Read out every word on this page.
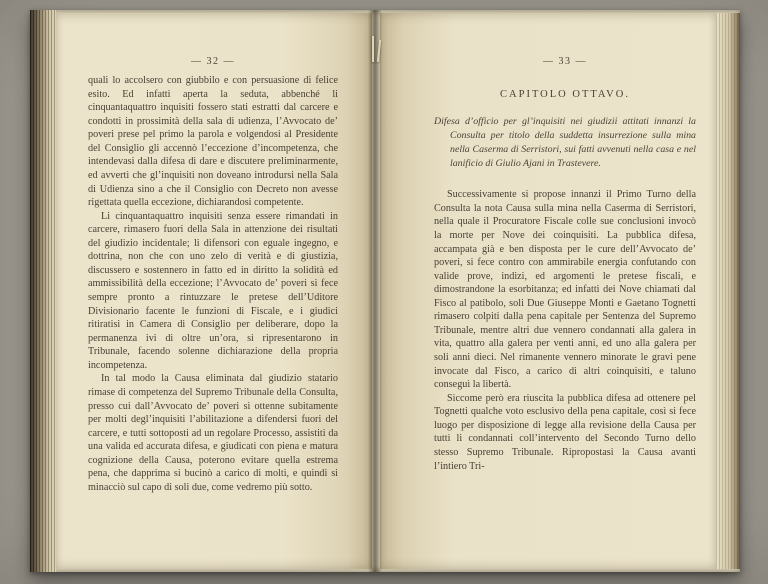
— 32 —

quali lo accolsero con giubbilo e con persuasione di felice esito. Ed infatti aperta la seduta, abbenché li cinquantaquattro inquisiti fossero stati estratti dal carcere e condotti in prossimità della sala di udienza, l’Avvocato de’ poveri prese pel primo la parola e volgendosi al Presidente del Consiglio gli accennò l’eccezione d’incompetenza, che intendevasi dalla difesa di dare e discutere preliminarmente, ed avvertì che gl’inquisiti non doveano introdursi nella Sala di Udienza sino a che il Consiglio con Decreto non avesse rigettata quella eccezione, dichiarandosi competente.

Li cinquantaquattro inquisiti senza essere rimandati in carcere, rimasero fuori della Sala in attenzione dei risultati del giudizio incidentale; li difensori con eguale ingegno, e dottrina, non che con uno zelo di verità e di giustizia, discussero e sostennero in fatto ed in diritto la solidità ed ammissibilità della eccezione; l’Avvocato de’ poveri si fece sempre pronto a rintuzzare le pretese dell’Uditore Divisionario facente le funzioni di Fiscale, e i giudici ritiratisi in Camera di Consiglio per deliberare, dopo la permanenza ivi di oltre un’ora, si ripresentarono in Tribunale, facendo solenne dichiarazione della propria incompetenza.

In tal modo la Causa eliminata dal giudizio statario rimase di competenza del Supremo Tribunale della Consulta, presso cui dall’Avvocato de’ poveri si ottenne subitamente per molti degl’inquisiti l’abilitazione a difendersi fuori del carcere, e tutti sottoposti ad un regolare Processo, assistiti da una valida ed accurata difesa, e giudicati con piena e matura cognizione della Causa, poterono evitare quella estrema pena, che dapprima si bucinò a carico di molti, e quindi si minacciò sul capo di soli due, come vedremo più sotto.

— 33 —
CAPITOLO OTTAVO.
Difesa d’officio per gl’inquisiti nei giudizii attitati innanzi la Consulta per titolo della suddetta insurrezione sulla mina nella Caserma di Serristori, sui fatti avvenuti nella casa e nel lanificio di Giulio Ajani in Trastevere.

Successivamente si propose innanzi il Primo Turno della Consulta la nota Causa sulla mina nella Caserma di Serristori, nella quale il Procuratore Fiscale colle sue conclusioni invocò la morte per Nove dei coinquisiti. La pubblica difesa, accampata già e ben disposta per le cure dell’Avvocato de’ poveri, si fece contro con ammirabile energia confutando con valide prove, indizi, ed argomenti le pretese fiscali, e dimostrandone la esorbitanza; ed infatti dei Nove chiamati dal Fisco al patibolo, soli Due Giuseppe Monti e Gaetano Tognetti rimasero colpiti dalla pena capitale per Sentenza del Supremo Tribunale, mentre altri due vennero condannati alla galera in vita, quattro alla galera per venti anni, ed uno alla galera per soli anni dieci. Nel rimanente vennero minorate le gravi pene invocate dal Fisco, a carico di altri coinquisiti, e taluno conseguì la libertà.

Siccome però era riuscita la pubblica difesa ad ottenere pel Tognetti qualche voto esclusivo della pena capitale, così si fece luogo per disposizione di legge alla revisione della Causa per tutti li condannati coll’intervento del Secondo Turno dello stesso Supremo Tribunale. Ripropostasi la Causa avanti l’intiero Tri-
